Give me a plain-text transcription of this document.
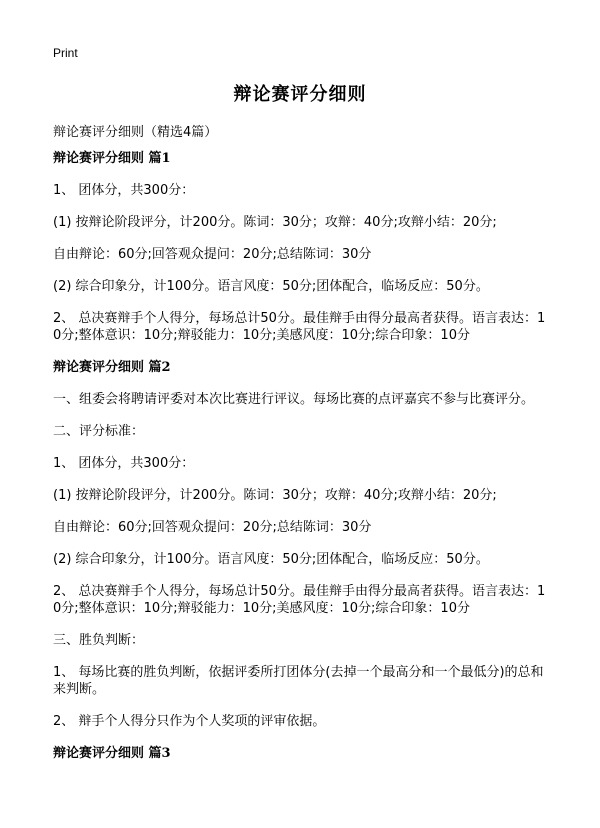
Print
辩论赛评分细则
辩论赛评分细则（精选4篇）

辩论赛评分细则 篇1

1、 团体分，共300分：

(1) 按辩论阶段评分，计200分。陈词：30分；攻辩：40分;攻辩小结：20分;

自由辩论：60分;回答观众提问：20分;总结陈词：30分

(2) 综合印象分，计100分。语言风度：50分;团体配合，临场反应：50分。

2、 总决赛辩手个人得分，每场总计50分。最佳辩手由得分最高者获得。语言表达：10分;整体意识：10分;辩驳能力：10分;美感风度：10分;综合印象：10分

辩论赛评分细则 篇2

一、组委会将聘请评委对本次比赛进行评议。每场比赛的点评嘉宾不参与比赛评分。

二、评分标准：

1、 团体分，共300分：

(1) 按辩论阶段评分，计200分。陈词：30分；攻辩：40分;攻辩小结：20分;

自由辩论：60分;回答观众提问：20分;总结陈词：30分

(2) 综合印象分，计100分。语言风度：50分;团体配合，临场反应：50分。

2、 总决赛辩手个人得分，每场总计50分。最佳辩手由得分最高者获得。语言表达：10分;整体意识：10分;辩驳能力：10分;美感风度：10分;综合印象：10分

三、胜负判断：

1、 每场比赛的胜负判断，依据评委所打团体分(去掉一个最高分和一个最低分)的总和来判断。

2、 辩手个人得分只作为个人奖项的评审依据。

辩论赛评分细则 篇3
